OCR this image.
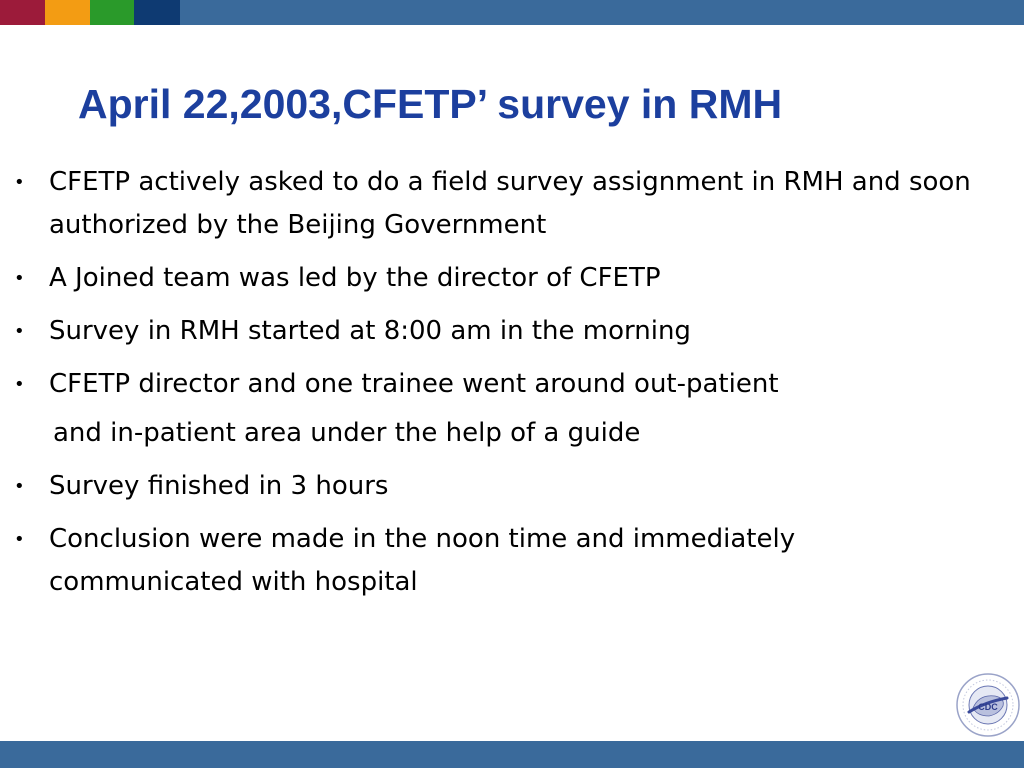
April 22,2003,CFETP’ survey in RMH
• CFETP actively asked to do a field survey assignment in RMH and soon authorized by the Beijing Government
• A Joined team was led by the director of CFETP
• Survey in RMH started at 8:00 am in the morning
• CFETP director and one trainee went around out-patient
and in-patient area under the help of a guide
• Survey finished in 3 hours
• Conclusion were made in the noon time and immediately communicated with hospital
CDC
